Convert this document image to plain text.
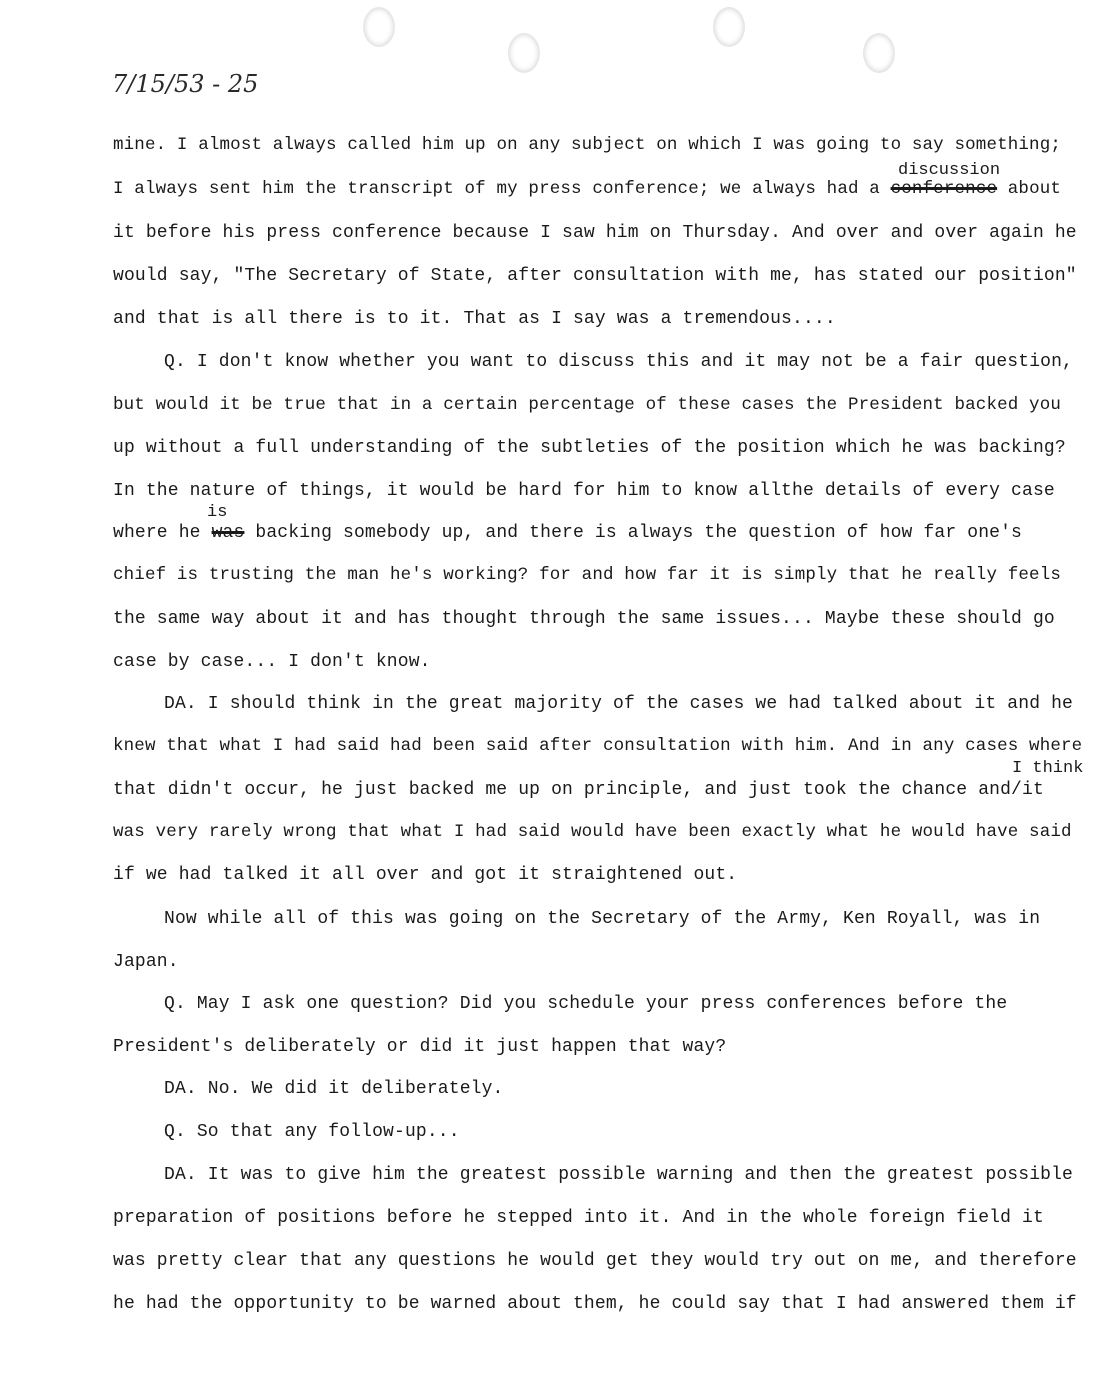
7/15/53 - 25
mine. I almost always called him up on any subject on which I was going to say something;
discussion
I always sent him the transcript of my press conference; we always had a conference about
it before his press conference because I saw him on Thursday. And over and over again he
would say, "The Secretary of State, after consultation with me, has stated our position"
and that is all there is to it. That as I say was a tremendous....
Q. I don't know whether you want to discuss this and it may not be a fair question,
but would it be true that in a certain percentage of these cases the President backed you
up without a full understanding of the subtleties of the position which he was backing?
In the nature of things, it would be hard for him to know allthe details of every case
is
where he was backing somebody up, and there is always the question of how far one's
chief is trusting the man he's working? for and how far it is simply that he really feels
the same way about it and has thought through the same issues... Maybe these should go
case by case... I don't know.
DA. I should think in the great majority of the cases we had talked about it and he
knew that what I had said had been said after consultation with him. And in any cases where
I think
that didn't occur, he just backed me up on principle, and just took the chance and/it
was very rarely wrong that what I had said would have been exactly what he would have said
if we had talked it all over and got it straightened out.
Now while all of this was going on the Secretary of the Army, Ken Royall, was in
Japan.
Q. May I ask one question? Did you schedule your press conferences before the
President's deliberately or did it just happen that way?
DA. No. We did it deliberately.
Q. So that any follow-up...
DA. It was to give him the greatest possible warning and then the greatest possible
preparation of positions before he stepped into it. And in the whole foreign field it
was pretty clear that any questions he would get they would try out on me, and therefore
he had the opportunity to be warned about them, he could say that I had answered them if
